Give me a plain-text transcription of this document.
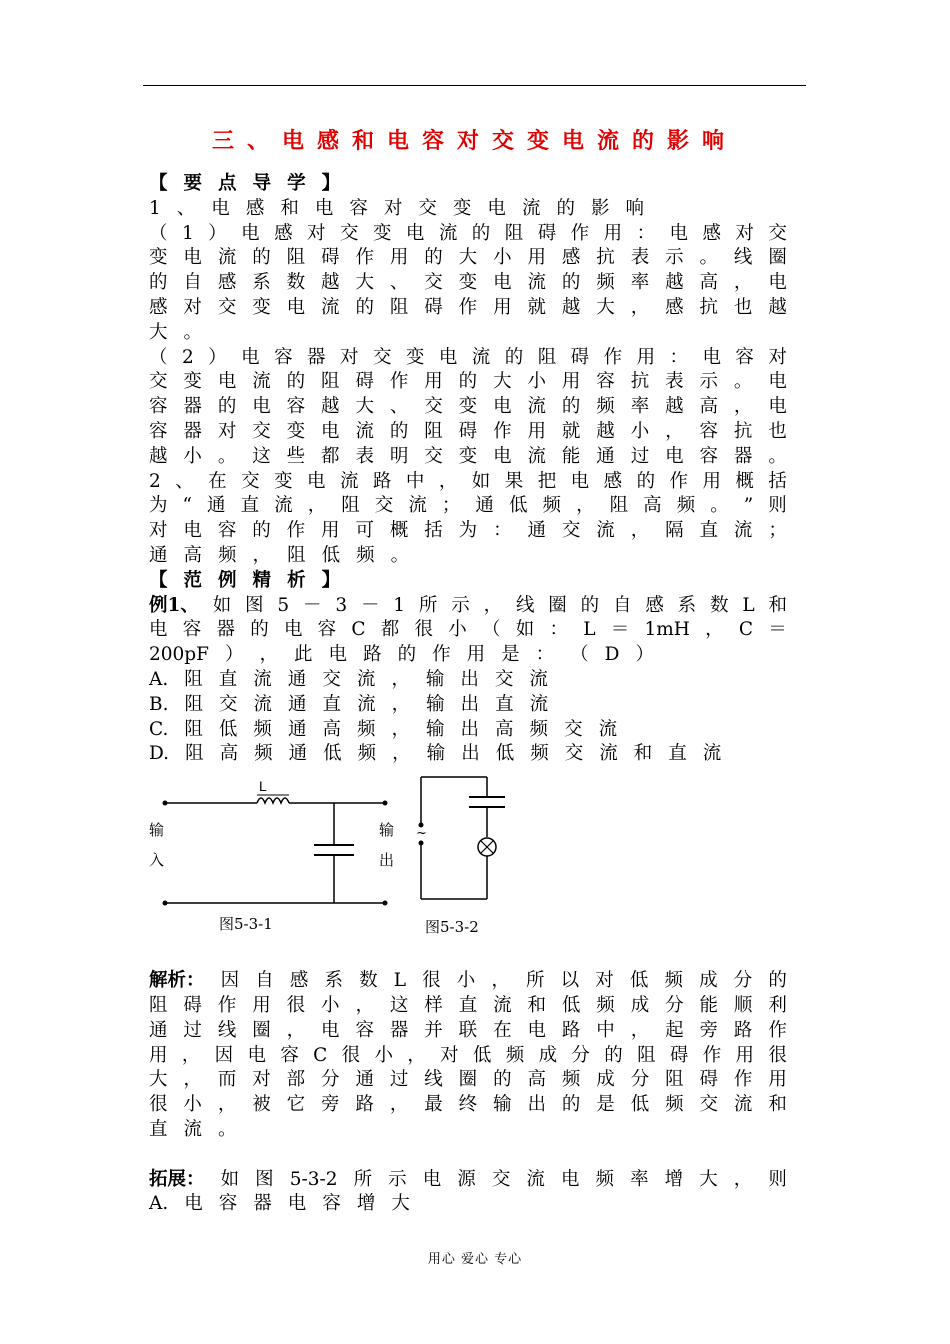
三、电感和电容对交变电流的影响
【 要 点 导 学 】
1 、 电 感 和 电 容 对 交 变 电 流 的 影 响
（ 1 ） 电 感 对 交 变 电 流 的 阻 碍 作 用 ： 电 感 对 交
变 电 流 的 阻 碍 作 用 的 大 小 用 感 抗 表 示 。 线 圈
的 自 感 系 数 越 大 、 交 变 电 流 的 频 率 越 高 ， 电
感 对 交 变 电 流 的 阻 碍 作 用 就 越 大 ， 感 抗 也 越
大 。
（ 2 ） 电 容 器 对 交 变 电 流 的 阻 碍 作 用 ： 电 容 对
交 变 电 流 的 阻 碍 作 用 的 大 小 用 容 抗 表 示 。 电
容 器 的 电 容 越 大 、 交 变 电 流 的 频 率 越 高 ， 电
容 器 对 交 变 电 流 的 阻 碍 作 用 就 越 小 ， 容 抗 也
越 小 。 这 些 都 表 明 交 变 电 流 能 通 过 电 容 器 。
2 、 在 交 变 电 流 路 中 ， 如 果 把 电 感 的 作 用 概 括
为 “ 通 直 流 ， 阻 交 流 ； 通 低 频 ， 阻 高 频 。 ” 则
对 电 容 的 作 用 可 概 括 为 ： 通 交 流 ， 隔 直 流 ；
通 高 频 ， 阻 低 频 。
【 范 例 精 析 】
例1、 如 图 5 － 3 － 1 所 示 ， 线 圈 的 自 感 系 数 L 和
电 容 器 的 电 容 C 都 很 小 （ 如 ： L ＝ 1mH ， C ＝
200pF ） ， 此 电 路 的 作 用 是 ： （ D ）
A. 阻 直 流 通 交 流 ， 输 出 交 流
B. 阻 交 流 通 直 流 ， 输 出 直 流
C. 阻 低 频 通 高 频 ， 输 出 高 频 交 流
D. 阻 高 频 通 低 频 ， 输 出 低 频 交 流 和 直 流
L
输
入
输
出
图5-3-1
~
图5-3-2
解析： 因 自 感 系 数 L 很 小 ， 所 以 对 低 频 成 分 的
阻 碍 作 用 很 小 ， 这 样 直 流 和 低 频 成 分 能 顺 利
通 过 线 圈 ， 电 容 器 并 联 在 电 路 中 ， 起 旁 路 作
用 ， 因 电 容 C 很 小 ， 对 低 频 成 分 的 阻 碍 作 用 很
大 ， 而 对 部 分 通 过 线 圈 的 高 频 成 分 阻 碍 作 用
很 小 ， 被 它 旁 路 ， 最 终 输 出 的 是 低 频 交 流 和
直 流 。
拓展： 如 图 5-3-2 所 示 电 源 交 流 电 频 率 增 大 ， 则
A. 电 容 器 电 容 增 大
用心 爱心 专心
